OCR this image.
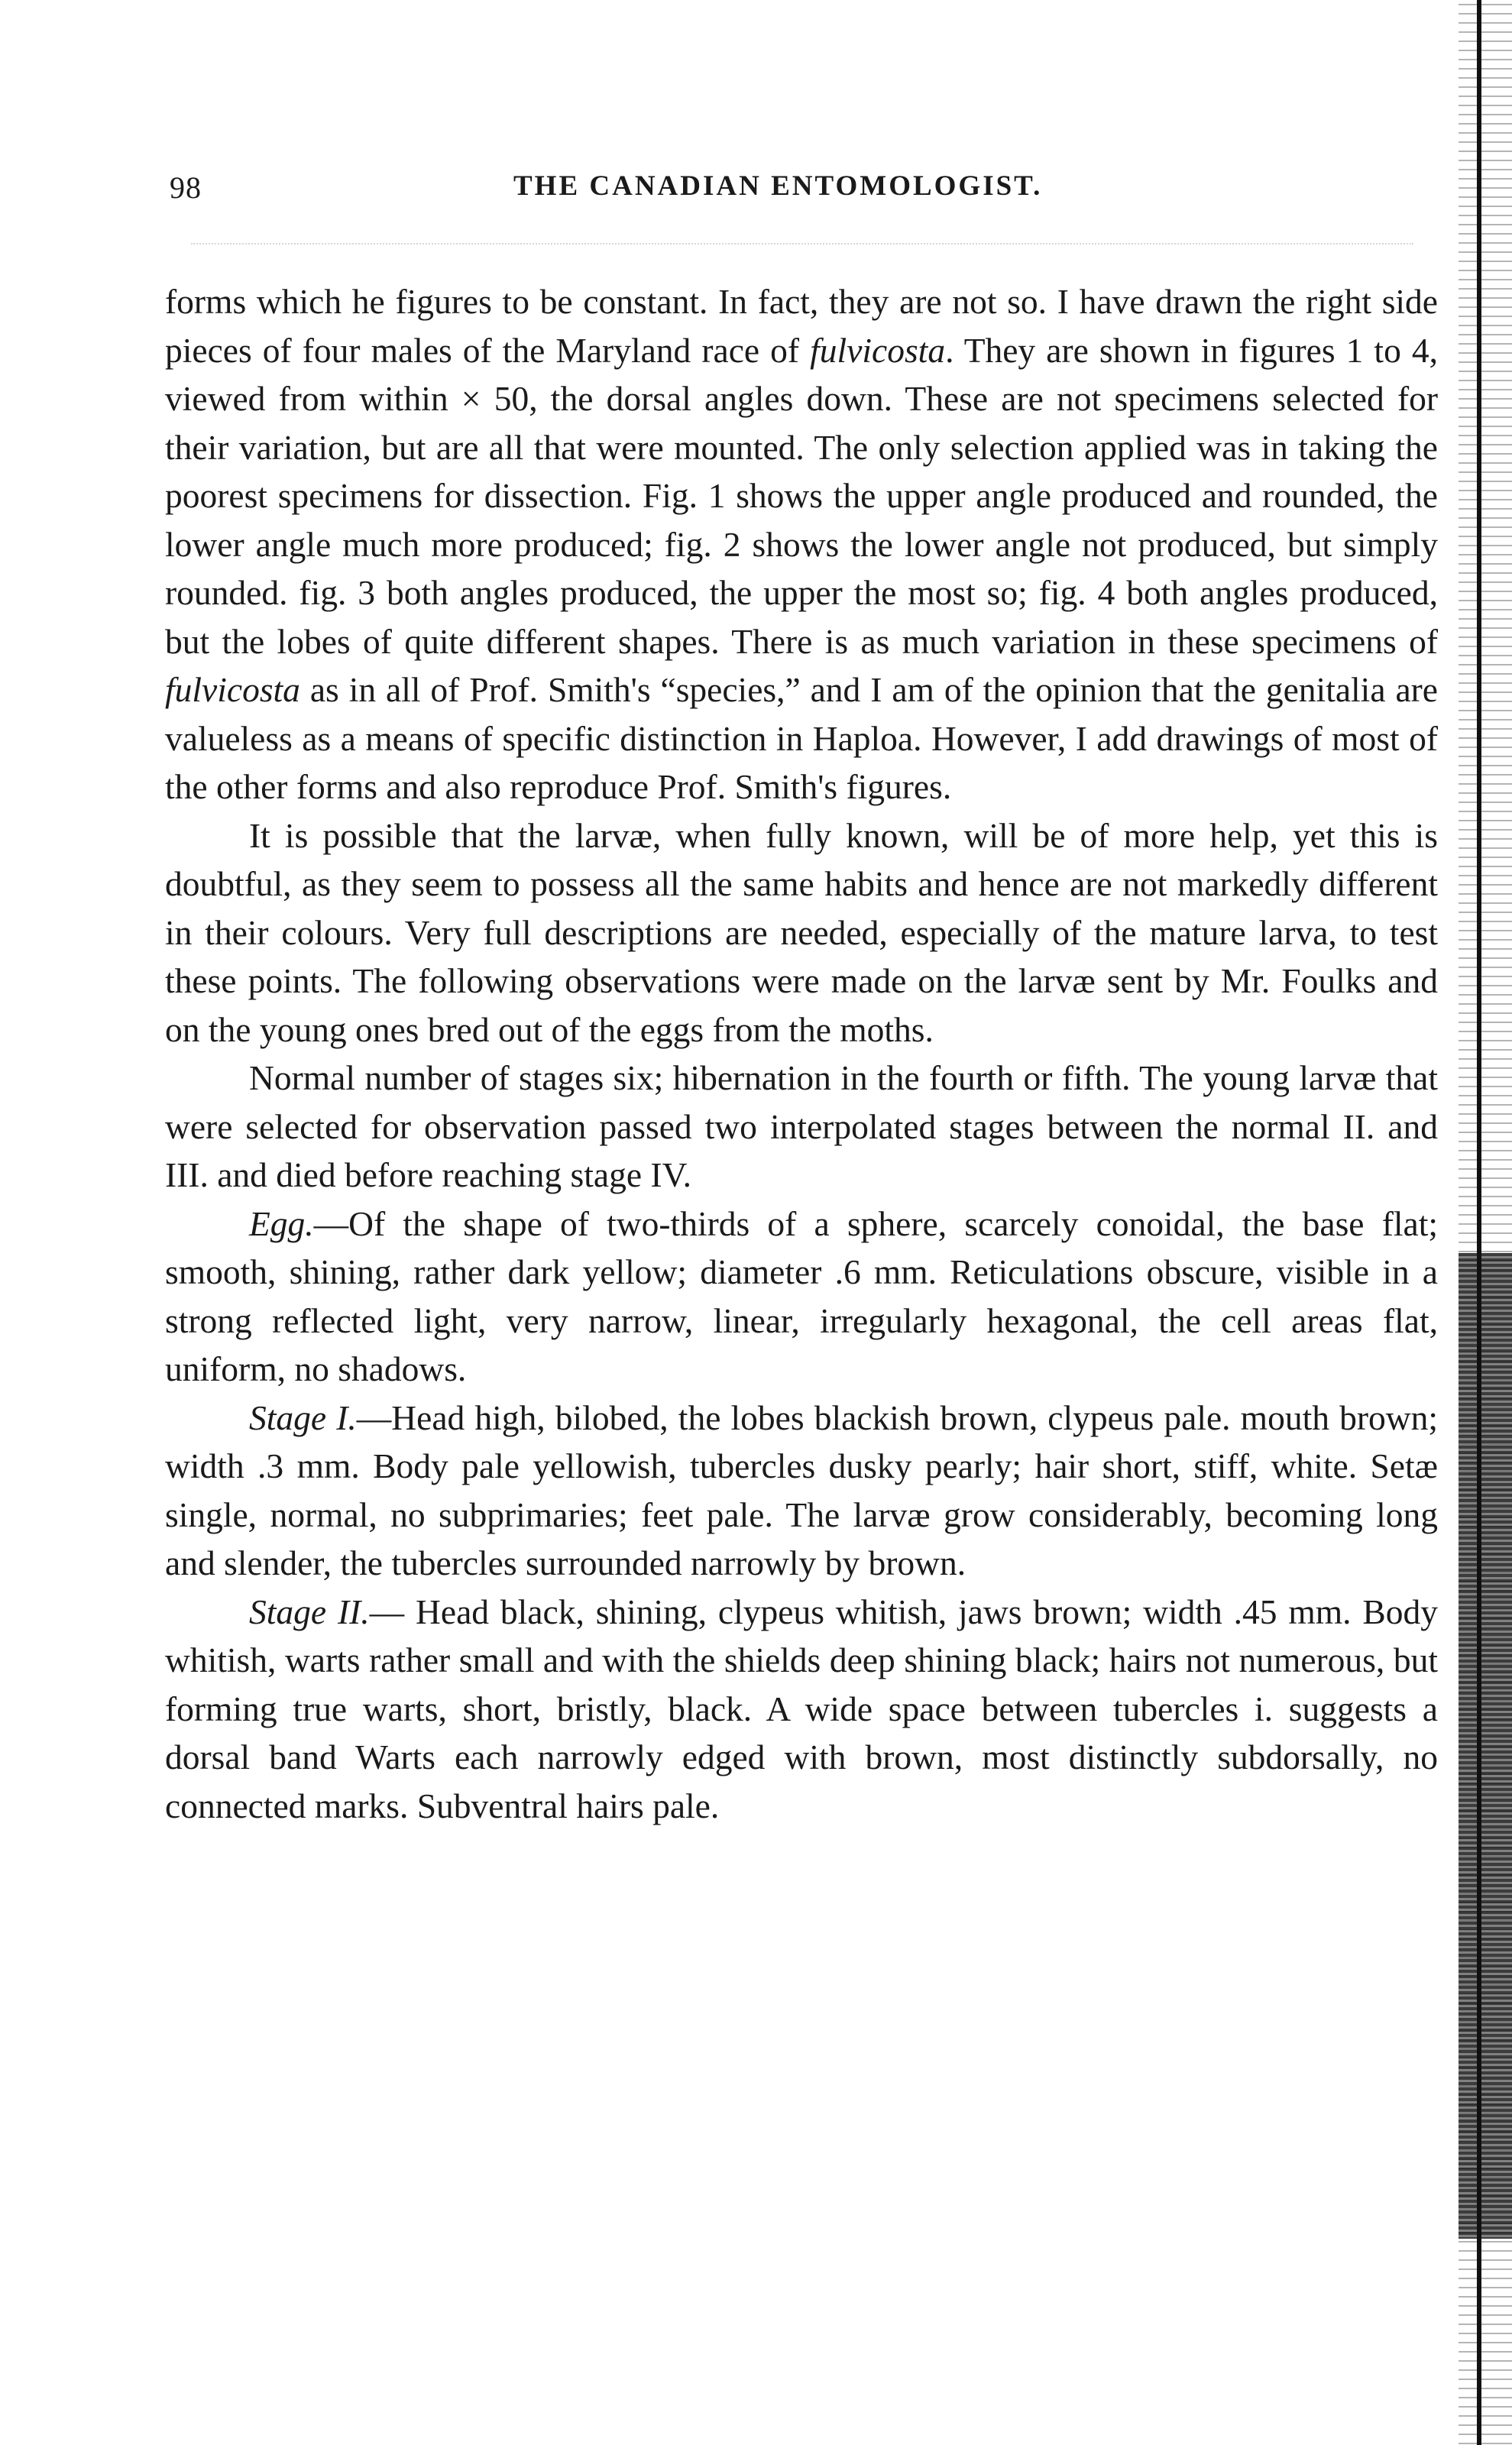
98	THE CANADIAN ENTOMOLOGIST.

forms which he figures to be constant. In fact, they are not so. I have drawn the right side pieces of four males of the Maryland race of fulvicosta. They are shown in figures 1 to 4, viewed from within × 50, the dorsal angles down. These are not specimens selected for their variation, but are all that were mounted. The only selection applied was in taking the poorest specimens for dissection. Fig. 1 shows the upper angle produced and rounded, the lower angle much more produced; fig. 2 shows the lower angle not produced, but simply rounded. fig. 3 both angles produced, the upper the most so; fig. 4 both angles produced, but the lobes of quite different shapes. There is as much variation in these specimens of fulvicosta as in all of Prof. Smith's “species,” and I am of the opinion that the genitalia are valueless as a means of specific distinction in Haploa. However, I add drawings of most of the other forms and also reproduce Prof. Smith's figures.

It is possible that the larvæ, when fully known, will be of more help, yet this is doubtful, as they seem to possess all the same habits and hence are not markedly different in their colours. Very full descriptions are needed, especially of the mature larva, to test these points. The following observations were made on the larvæ sent by Mr. Foulks and on the young ones bred out of the eggs from the moths.

Normal number of stages six; hibernation in the fourth or fifth. The young larvæ that were selected for observation passed two interpolated stages between the normal II. and III. and died before reaching stage IV.

Egg.—Of the shape of two-thirds of a sphere, scarcely conoidal, the base flat; smooth, shining, rather dark yellow; diameter .6 mm. Reticulations obscure, visible in a strong reflected light, very narrow, linear, irregularly hexagonal, the cell areas flat, uniform, no shadows.

Stage I.—Head high, bilobed, the lobes blackish brown, clypeus pale. mouth brown; width .3 mm. Body pale yellowish, tubercles dusky pearly; hair short, stiff, white. Setæ single, normal, no subprimaries; feet pale. The larvæ grow considerably, becoming long and slender, the tubercles surrounded narrowly by brown.

Stage II.— Head black, shining, clypeus whitish, jaws brown; width .45 mm. Body whitish, warts rather small and with the shields deep shining black; hairs not numerous, but forming true warts, short, bristly, black. A wide space between tubercles i. suggests a dorsal band Warts each narrowly edged with brown, most distinctly subdorsally, no connected marks. Subventral hairs pale.
